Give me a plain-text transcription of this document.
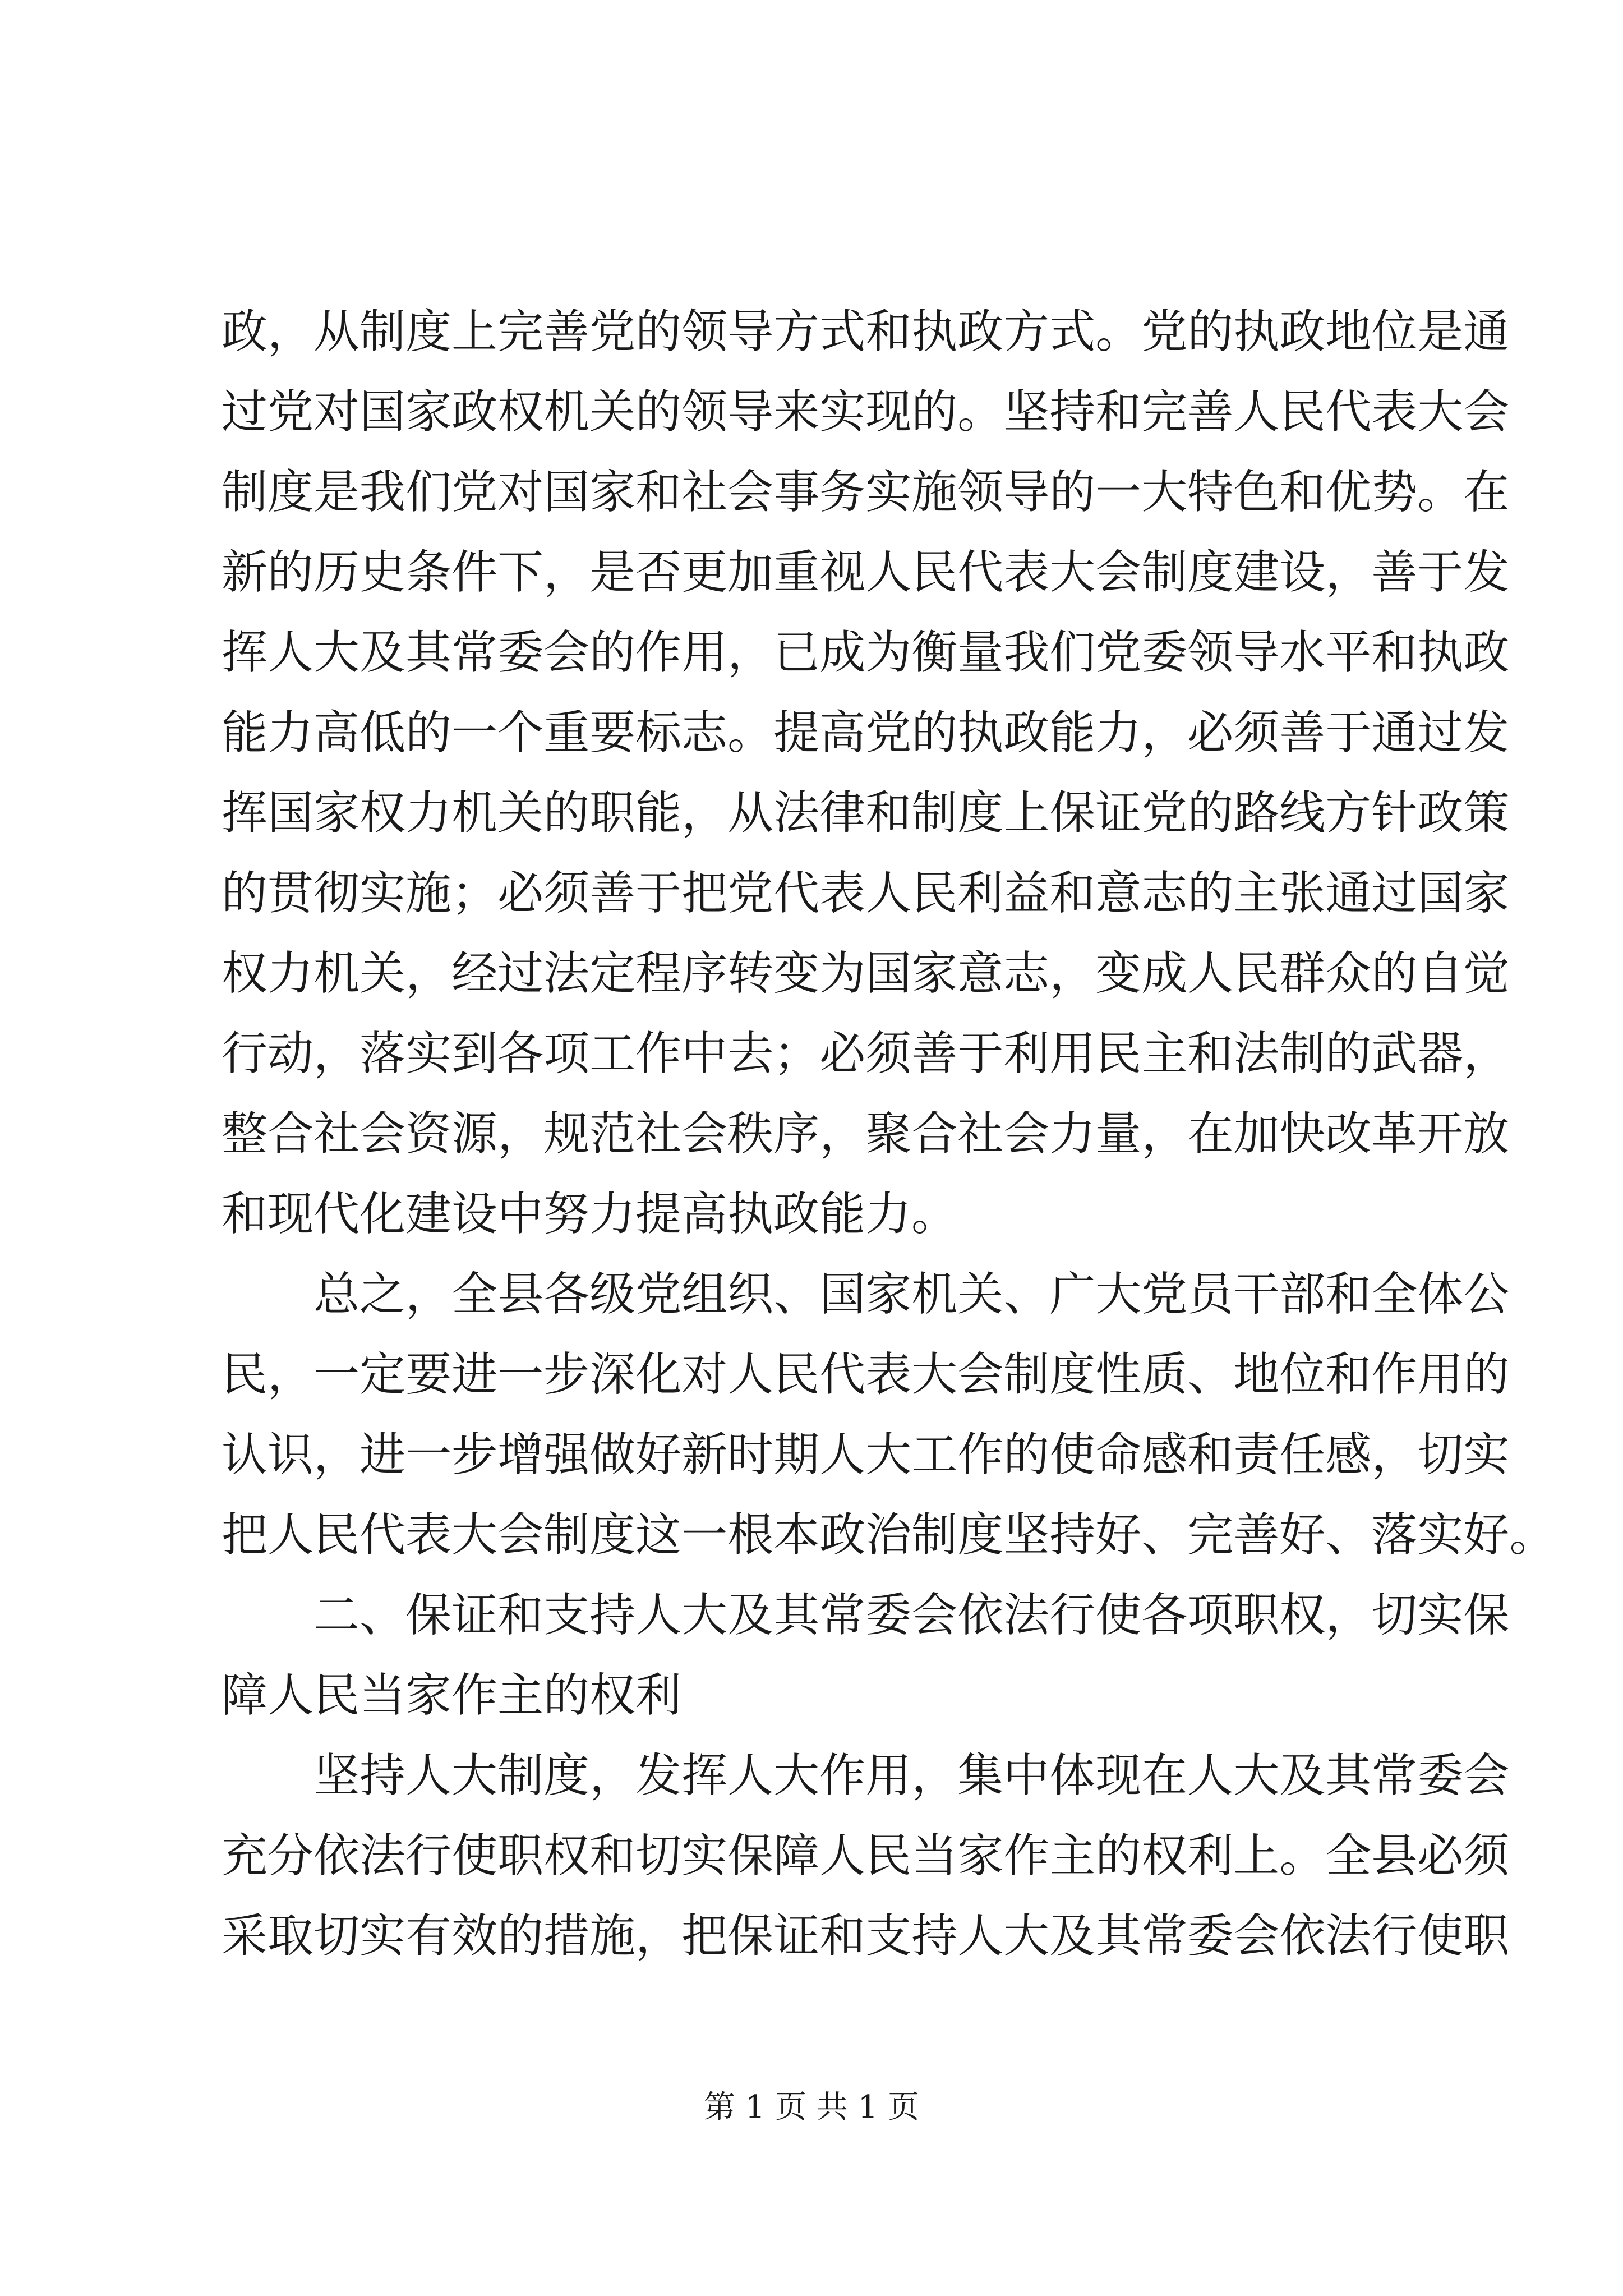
政 ， 从 制 度 上 完 善 党 的 领 导 方 式 和 执 政 方 式 。 党 的 执 政 地 位 是 通
过 党 对 国 家 政 权 机 关 的 领 导 来 实 现 的 。 坚 持 和 完 善 人 民 代 表 大 会
制 度 是 我 们 党 对 国 家 和 社 会 事 务 实 施 领 导 的 一 大 特 色 和 优 势 。 在
新 的 历 史 条 件 下 ， 是 否 更 加 重 视 人 民 代 表 大 会 制 度 建 设 ， 善 于 发
挥 人 大 及 其 常 委 会 的 作 用 ， 已 成 为 衡 量 我 们 党 委 领 导 水 平 和 执 政
能 力 高 低 的 一 个 重 要 标 志 。 提 高 党 的 执 政 能 力 ， 必 须 善 于 通 过 发
挥 国 家 权 力 机 关 的 职 能 ， 从 法 律 和 制 度 上 保 证 党 的 路 线 方 针 政 策
的 贯 彻 实 施 ； 必 须 善 于 把 党 代 表 人 民 利 益 和 意 志 的 主 张 通 过 国 家
权 力 机 关 ， 经 过 法 定 程 序 转 变 为 国 家 意 志 ， 变 成 人 民 群 众 的 自 觉
行 动 ， 落 实 到 各 项 工 作 中 去 ； 必 须 善 于 利 用 民 主 和 法 制 的 武 器 ，
整 合 社 会 资 源 ， 规 范 社 会 秩 序 ， 聚 合 社 会 力 量 ， 在 加 快 改 革 开 放
和现代化建设中努力提高执政能力。
总 之 ， 全 县 各 级 党 组 织 、 国 家 机 关 、 广 大 党 员 干 部 和 全 体 公
民 ， 一 定 要 进 一 步 深 化 对 人 民 代 表 大 会 制 度 性 质 、 地 位 和 作 用 的
认 识 ， 进 一 步 增 强 做 好 新 时 期 人 大 工 作 的 使 命 感 和 责 任 感 ， 切 实
把 人 民 代 表 大 会 制 度 这 一 根 本 政 治 制 度 坚 持 好 、 完 善 好 、 落 实 好 。
二 、 保 证 和 支 持 人 大 及 其 常 委 会 依 法 行 使 各 项 职 权 ， 切 实 保
障人民当家作主的权利
坚 持 人 大 制 度 ， 发 挥 人 大 作 用 ， 集 中 体 现 在 人 大 及 其 常 委 会
充 分 依 法 行 使 职 权 和 切 实 保 障 人 民 当 家 作 主 的 权 利 上 。 全 县 必 须
采 取 切 实 有 效 的 措 施 ， 把 保 证 和 支 持 人 大 及 其 常 委 会 依 法 行 使 职
第 1 页 共 1 页
